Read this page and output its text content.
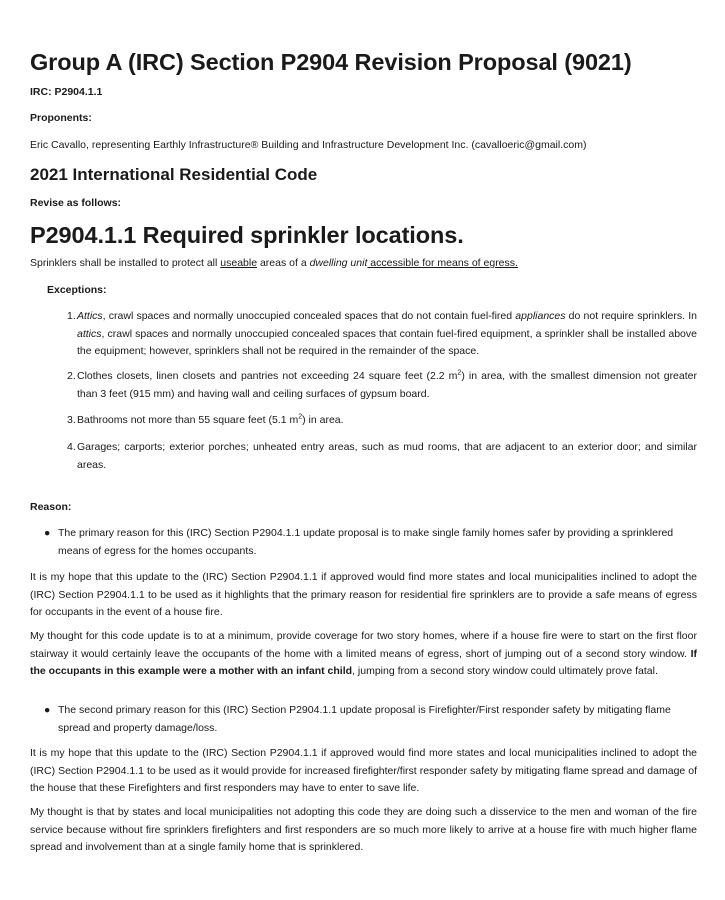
Group A (IRC) Section P2904 Revision Proposal (9021)
IRC: P2904.1.1
Proponents:
Eric Cavallo, representing Earthly Infrastructure® Building and Infrastructure Development Inc. (cavalloeric@gmail.com)
2021 International Residential Code
Revise as follows:
P2904.1.1 Required sprinkler locations.
Sprinklers shall be installed to protect all useable areas of a dwelling unit accessible for means of egress.
Exceptions:
1. Attics, crawl spaces and normally unoccupied concealed spaces that do not contain fuel-fired appliances do not require sprinklers. In attics, crawl spaces and normally unoccupied concealed spaces that contain fuel-fired equipment, a sprinkler shall be installed above the equipment; however, sprinklers shall not be required in the remainder of the space.
2. Clothes closets, linen closets and pantries not exceeding 24 square feet (2.2 $m^2$) in area, with the smallest dimension not greater than 3 feet (915 mm) and having wall and ceiling surfaces of gypsum board.
3. Bathrooms not more than 55 square feet (5.1 $m^2$) in area.
4. Garages; carports; exterior porches; unheated entry areas, such as mud rooms, that are adjacent to an exterior door; and similar areas.
Reason:
● The primary reason for this (IRC) Section P2904.1.1 update proposal is to make single family homes safer by providing a sprinklered means of egress for the homes occupants.

It is my hope that this update to the (IRC) Section P2904.1.1 if approved would find more states and local municipalities inclined to adopt the (IRC) Section P2904.1.1 to be used as it highlights that the primary reason for residential fire sprinklers are to provide a safe means of egress for occupants in the event of a house fire.

My thought for this code update is to at a minimum, provide coverage for two story homes, where if a house fire were to start on the first floor stairway it would certainly leave the occupants of the home with a limited means of egress, short of jumping out of a second story window. If the occupants in this example were a mother with an infant child, jumping from a second story window could ultimately prove fatal.

● The second primary reason for this (IRC) Section P2904.1.1 update proposal is Firefighter/First responder safety by mitigating flame spread and property damage/loss.

It is my hope that this update to the (IRC) Section P2904.1.1 if approved would find more states and local municipalities inclined to adopt the (IRC) Section P2904.1.1 to be used as it would provide for increased firefighter/first responder safety by mitigating flame spread and damage of the house that these Firefighters and first responders may have to enter to save life.

My thought is that by states and local municipalities not adopting this code they are doing such a disservice to the men and woman of the fire service because without fire sprinklers firefighters and first responders are so much more likely to arrive at a house fire with much higher flame spread and involvement than at a single family home that is sprinklered.
